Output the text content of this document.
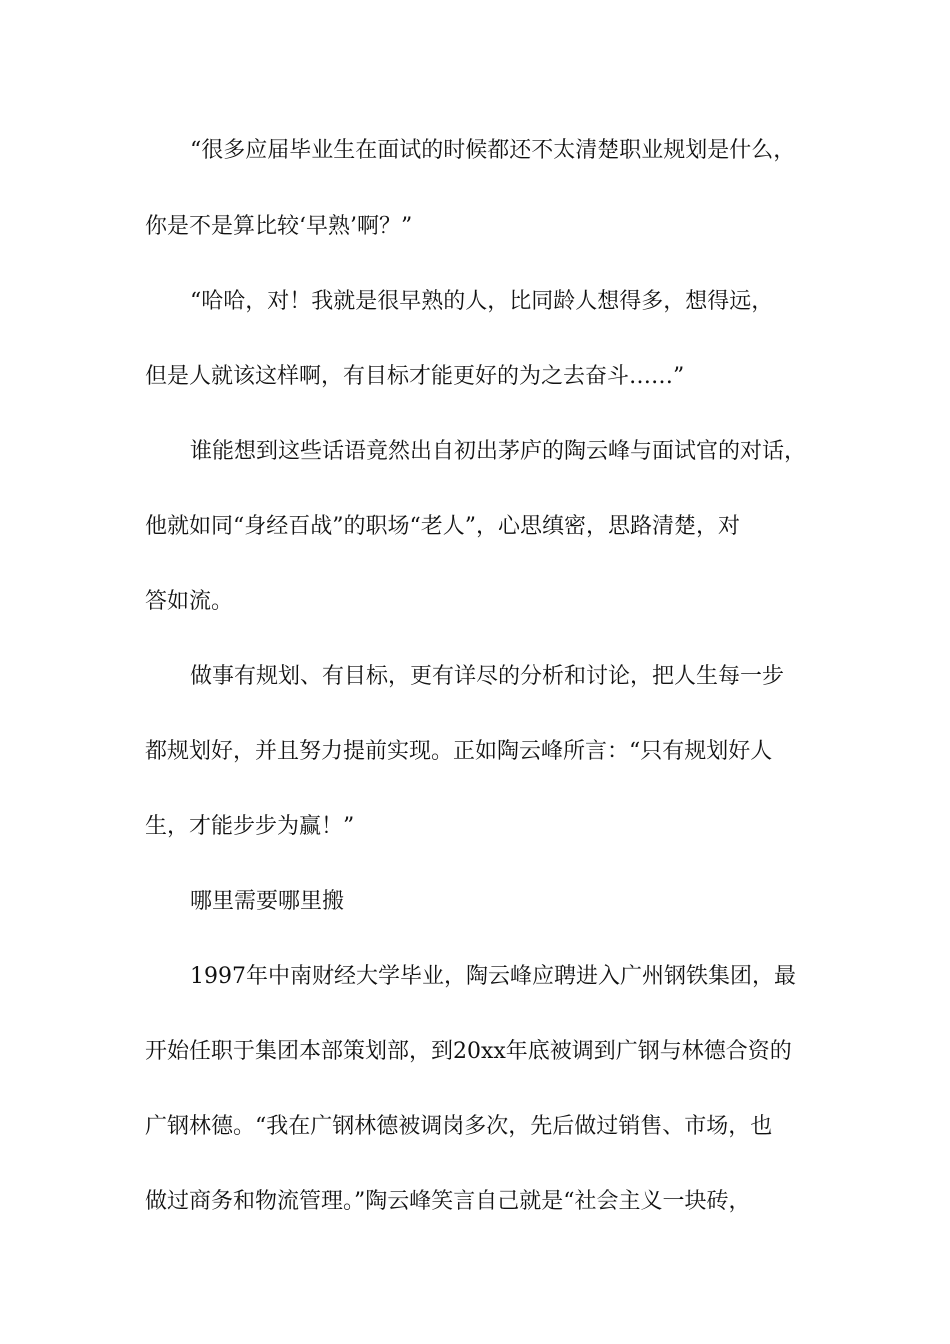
“很多应届毕业生在面试的时候都还不太清楚职业规划是什么，

你是不是算比较‘早熟’啊？”

“哈哈，对！我就是很早熟的人，比同龄人想得多，想得远，

但是人就该这样啊，有目标才能更好的为之去奋斗……”

谁能想到这些话语竟然出自初出茅庐的陶云峰与面试官的对话，

他就如同“身经百战”的职场“老人”，心思缜密，思路清楚，对

答如流。

做事有规划、有目标，更有详尽的分析和讨论，把人生每一步

都规划好，并且努力提前实现。正如陶云峰所言：“只有规划好人

生，才能步步为赢！”

哪里需要哪里搬

1997年中南财经大学毕业，陶云峰应聘进入广州钢铁集团，最

开始任职于集团本部策划部，到20xx年底被调到广钢与林德合资的

广钢林德。“我在广钢林德被调岗多次，先后做过销售、市场，也

做过商务和物流管理。”陶云峰笑言自己就是“社会主义一块砖，
